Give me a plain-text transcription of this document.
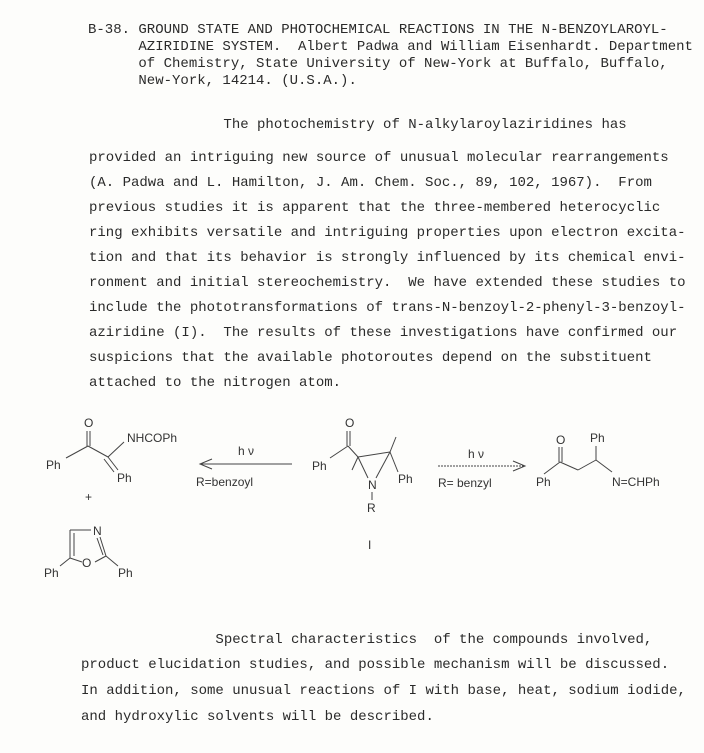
B-38. GROUND STATE AND PHOTOCHEMICAL REACTIONS IN THE N-BENZOYLAROYL-
AZIRIDINE SYSTEM.  Albert Padwa and William Eisenhardt. Department
of Chemistry, State University of New-York at Buffalo, Buffalo,
New-York, 14214. (U.S.A.).
The photochemistry of N-alkylaroylaziridines has
provided an intriguing new source of unusual molecular rearrangements
(A. Padwa and L. Hamilton, J. Am. Chem. Soc., 89, 102, 1967).  From
previous studies it is apparent that the three-membered heterocyclic
ring exhibits versatile and intriguing properties upon electron excita-
tion and that its behavior is strongly influenced by its chemical envi-
ronment and initial stereochemistry.  We have extended these studies to
include the phototransformations of trans-N-benzoyl-2-phenyl-3-benzoyl-
aziridine (I).  The results of these investigations have confirmed our
suspicions that the available photoroutes depend on the substituent
attached to the nitrogen atom.
O
NHCOPh
Ph
Ph
+
N
O
Ph	Ph
h ν
R=benzoyl
O
Ph
Ph
N
R
I
h ν
R= benzyl
O Ph
Ph	N=CHPh
Spectral characteristics  of the compounds involved,
product elucidation studies, and possible mechanism will be discussed.
In addition, some unusual reactions of I with base, heat, sodium iodide,
and hydroxylic solvents will be described.
